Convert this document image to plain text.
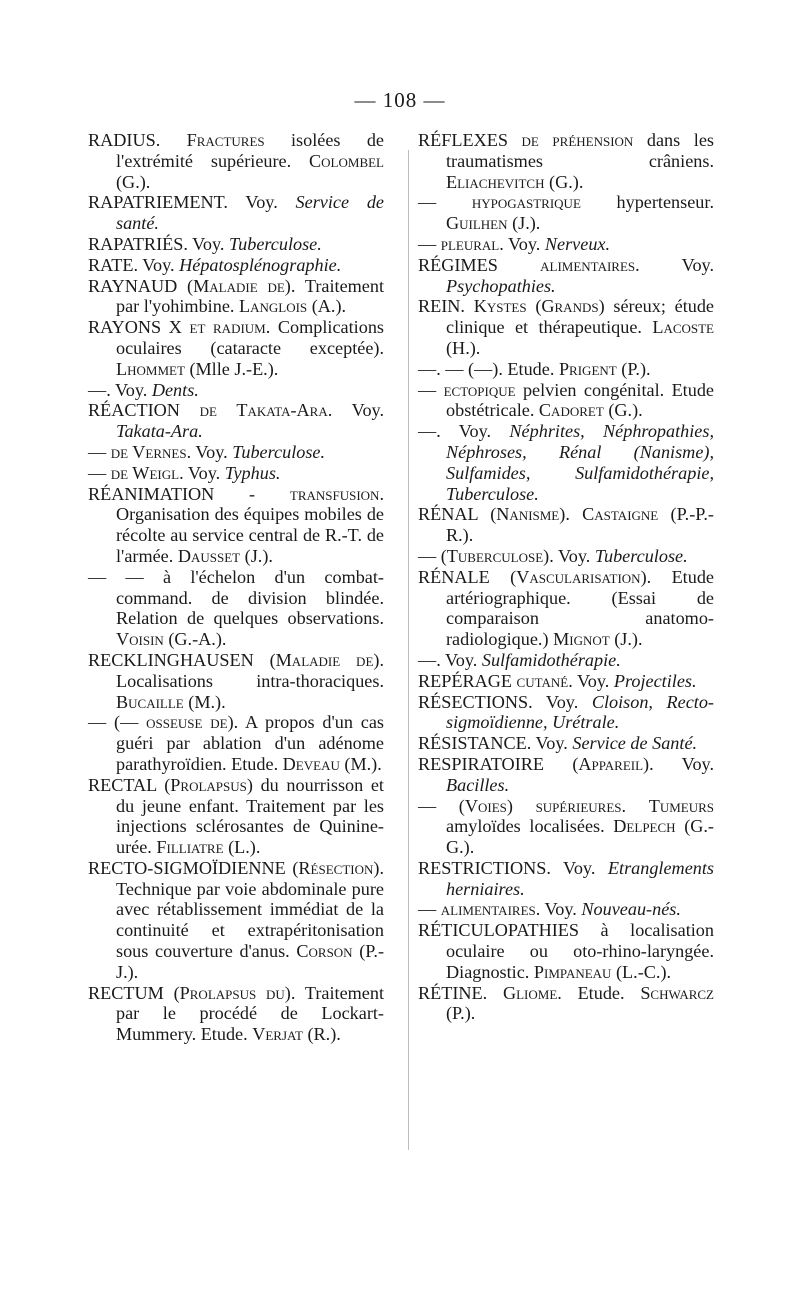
— 108 —

RADIUS. Fractures isolées de l'extrémité supérieure. Colombel (G.).

RAPATRIEMENT. Voy. Service de santé.

RAPATRIÉS. Voy. Tuberculose.

RATE. Voy. Hépatosplénographie.

RAYNAUD (Maladie de). Traitement par l'yohimbine. Langlois (A.).

RAYONS X et radium. Complications oculaires (cataracte exceptée). Lhommet (Mlle J.-E.).

—. Voy. Dents.

RÉACTION de Takata-Ara. Voy. Takata-Ara.

— de Vernes. Voy. Tuberculose.

— de Weigl. Voy. Typhus.

RÉANIMATION - transfusion. Organisation des équipes mobiles de récolte au service central de R.-T. de l'armée. Dausset (J.).

— — à l'échelon d'un combat-command. de division blindée. Relation de quelques observations. Voisin (G.-A.).

RECKLINGHAUSEN (Maladie de). Localisations intra-thoraciques. Bucaille (M.).

— (— osseuse de). A propos d'un cas guéri par ablation d'un adénome parathyroïdien. Etude. Deveau (M.).

RECTAL (Prolapsus) du nourrisson et du jeune enfant. Traitement par les injections sclérosantes de Quinine-urée. Filliatre (L.).

RECTO-SIGMOÏDIENNE (Résection). Technique par voie abdominale pure avec rétablissement immédiat de la continuité et extrapéritonisation sous couverture d'anus. Corson (P.-J.).

RECTUM (Prolapsus du). Traitement par le procédé de Lockart-Mummery. Etude. Verjat (R.).

RÉFLEXES de préhension dans les traumatismes crâniens. Eliachevitch (G.).

— hypogastrique hypertenseur. Guilhen (J.).

— pleural. Voy. Nerveux.

RÉGIMES alimentaires. Voy. Psychopathies.

REIN. Kystes (Grands) séreux; étude clinique et thérapeutique. Lacoste (H.).

—. — (—). Etude. Prigent (P.).

— ectopique pelvien congénital. Etude obstétricale. Cadoret (G.).

—. Voy. Néphrites, Néphropathies, Néphroses, Rénal (Nanisme), Sulfamides, Sulfamidothérapie, Tuberculose.

RÉNAL (Nanisme). Castaigne (P.-P.-R.).

— (Tuberculose). Voy. Tuberculose.

RÉNALE (Vascularisation). Etude artériographique. (Essai de comparaison anatomo-radiologique.) Mignot (J.).

—. Voy. Sulfamidothérapie.

REPÉRAGE cutané. Voy. Projectiles.

RÉSECTIONS. Voy. Cloison, Recto-sigmoïdienne, Urétrale.

RÉSISTANCE. Voy. Service de Santé.

RESPIRATOIRE (Appareil). Voy. Bacilles.

— (Voies) supérieures. Tumeurs amyloïdes localisées. Delpech (G.-G.).

RESTRICTIONS. Voy. Etranglements herniaires.

— alimentaires. Voy. Nouveau-nés.

RÉTICULOPATHIES à localisation oculaire ou oto-rhino-laryngée. Diagnostic. Pimpaneau (L.-C.).

RÉTINE. Gliome. Etude. Schwarcz (P.).
